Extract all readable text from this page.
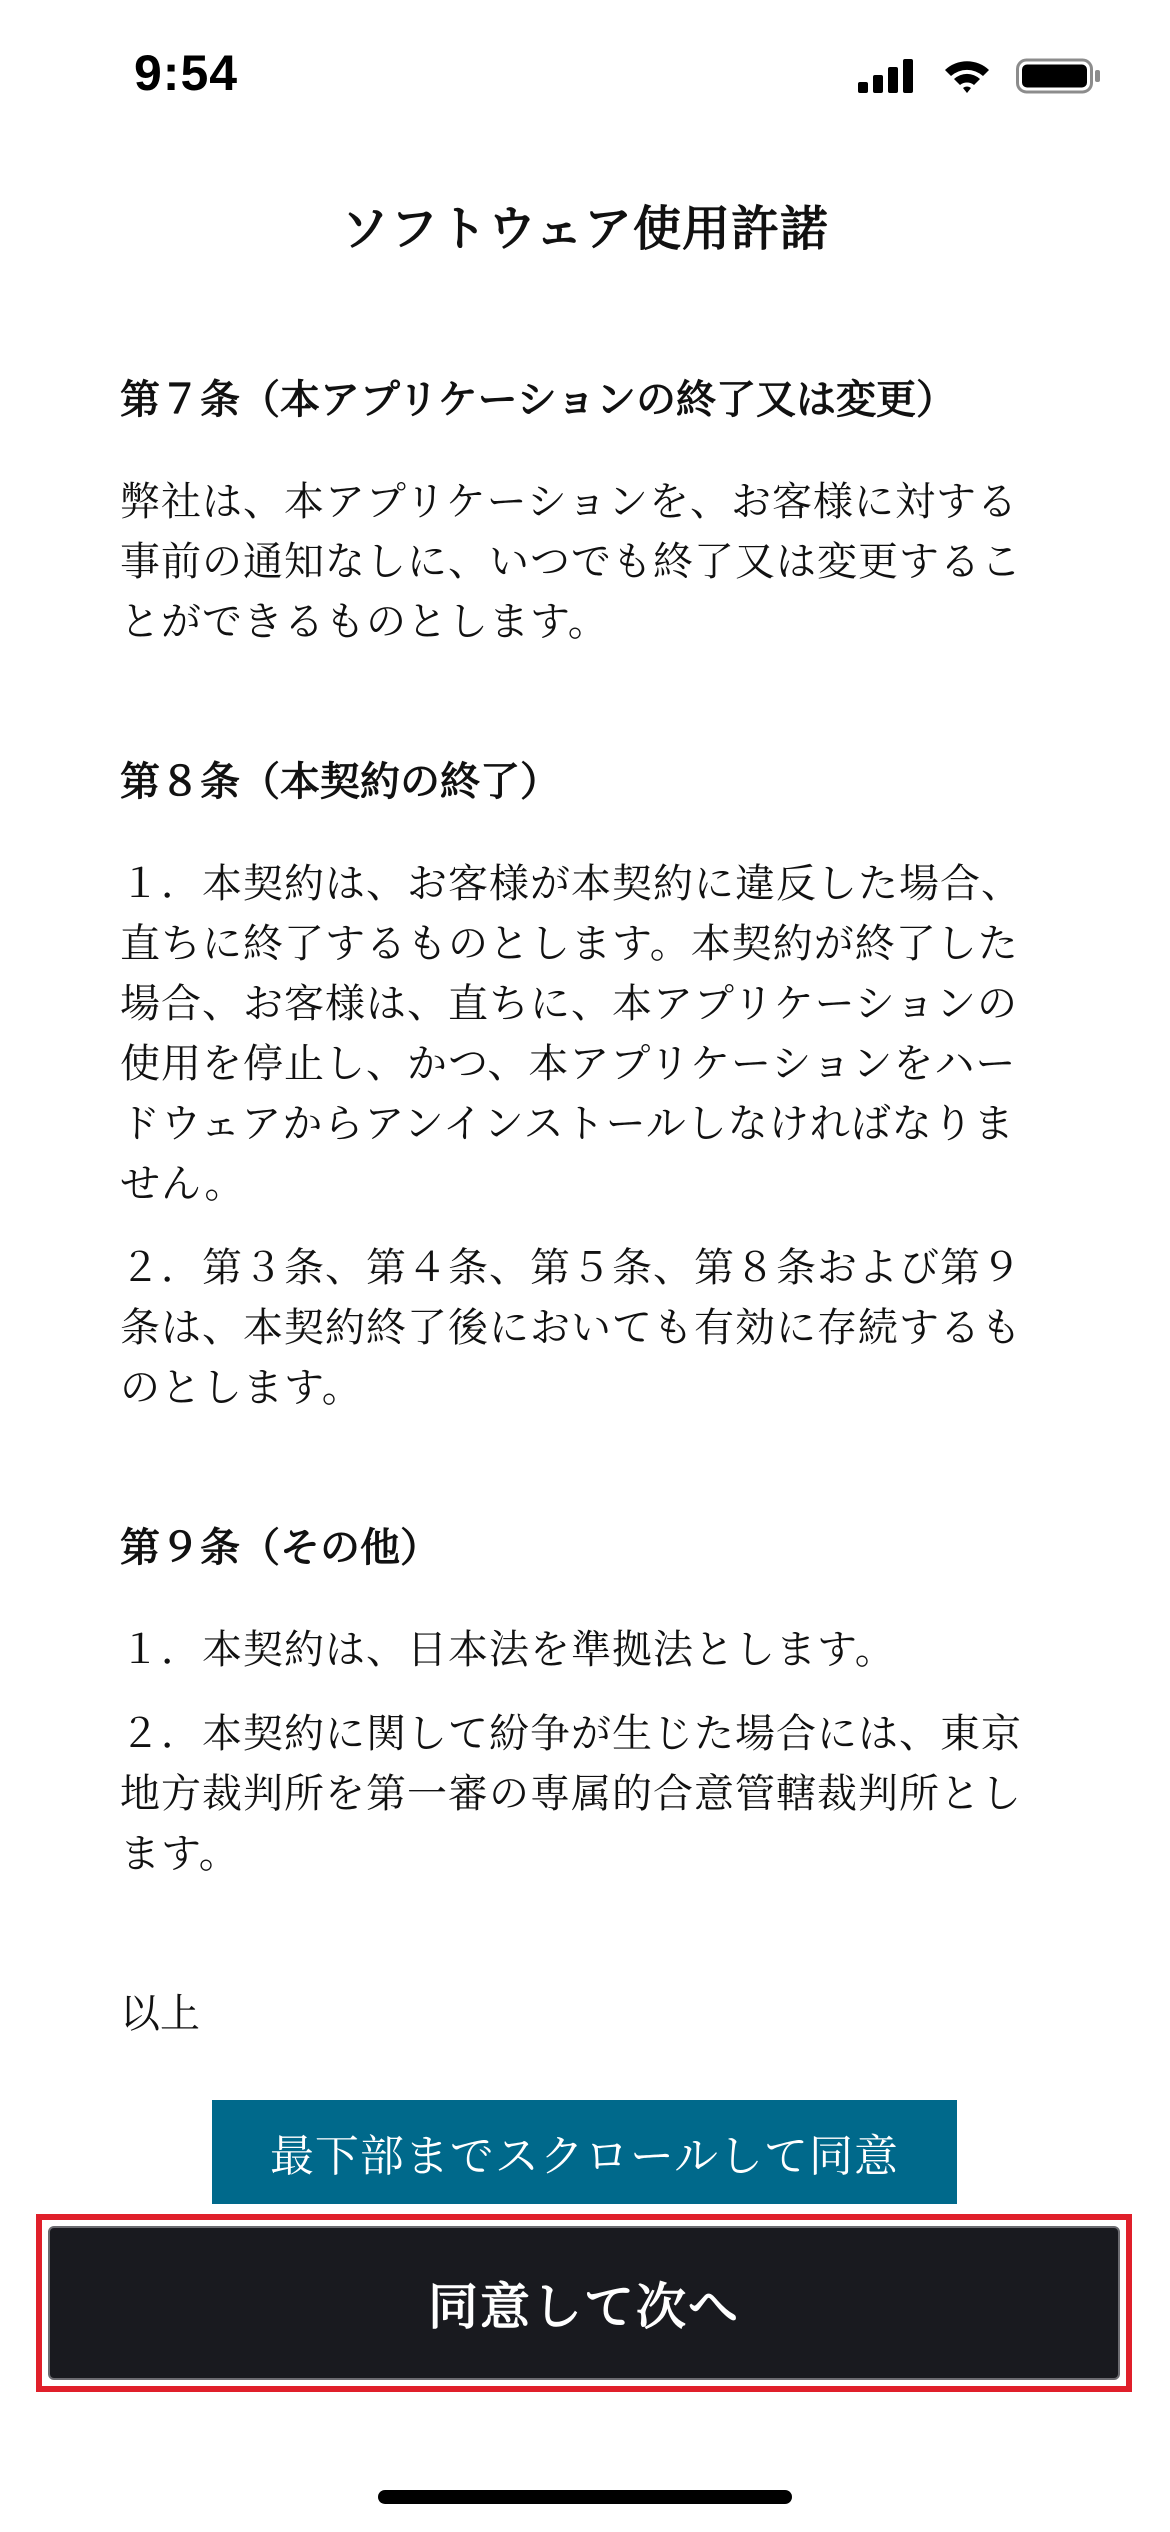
9:54
ソフトウェア使用許諾
第７条（本アプリケーションの終了又は変更）

弊社は、本アプリケーションを、お客様に対する事前の通知なしに、いつでも終了又は変更することができるものとします。

第８条（本契約の終了）

１．本契約は、お客様が本契約に違反した場合、直ちに終了するものとします。本契約が終了した場合、お客様は、直ちに、本アプリケーションの使用を停止し、かつ、本アプリケーションをハードウェアからアンインストールしなければなりません。

２．第３条、第４条、第５条、第８条および第９条は、本契約終了後においても有効に存続するものとします。

第９条（その他）

１．本契約は、日本法を準拠法とします。

２．本契約に関して紛争が生じた場合には、東京地方裁判所を第一審の専属的合意管轄裁判所とします。

以上

最下部までスクロールして同意
同意して次へ
